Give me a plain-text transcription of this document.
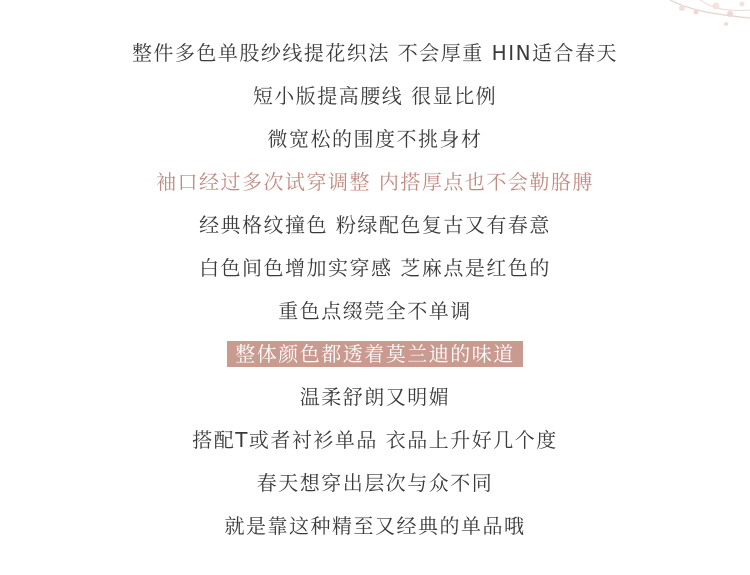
整件多色单股纱线提花织法 不会厚重 HIN适合春天
短小版提高腰线 很显比例
微宽松的围度不挑身材
袖口经过多次试穿调整 内搭厚点也不会勒胳膊
经典格纹撞色 粉绿配色复古又有春意
白色间色增加实穿感 芝麻点是红色的
重色点缀莞全不单调
整体颜色都透着莫兰迪的味道
温柔舒朗又明媚
搭配T或者衬衫单品 衣品上升好几个度
春天想穿出层次与众不同
就是靠这种精至又经典的单品哦
